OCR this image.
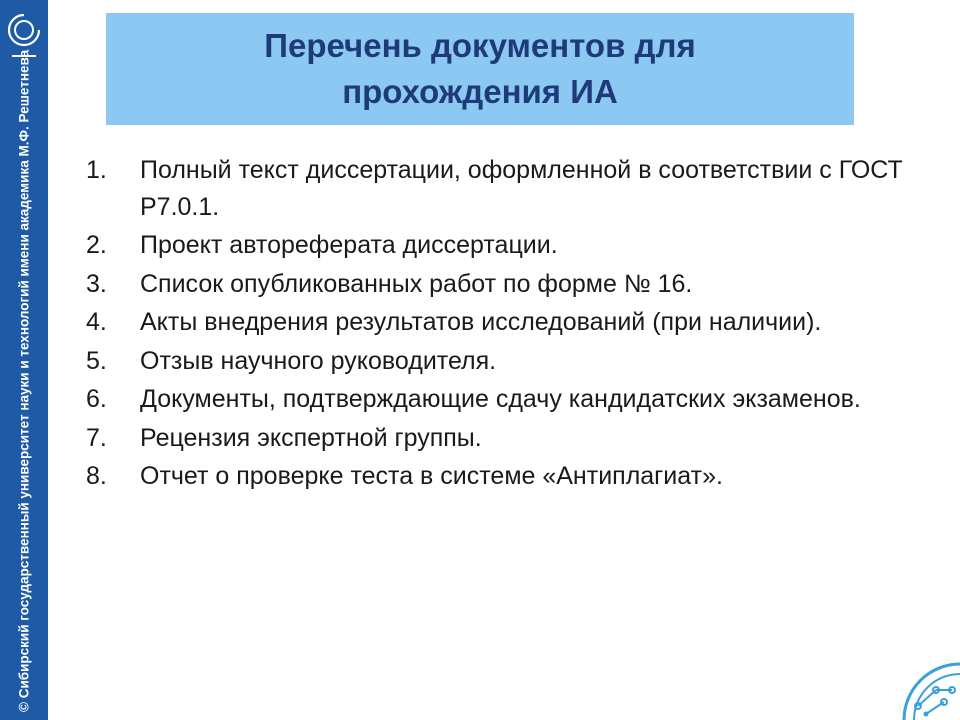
© Сибирский государственный университет науки и технологий имени академика М.Ф. Решетнева
Перечень документов для прохождения ИА
1.	Полный текст диссертации, оформленной в соответствии с ГОСТ Р7.0.1.
2.	Проект автореферата диссертации.
3.	Список опубликованных работ по форме № 16.
4.	Акты внедрения результатов исследований (при наличии).
5.	Отзыв научного руководителя.
6.	Документы, подтверждающие сдачу кандидатских экзаменов.
7.	Рецензия экспертной группы.
8.	Отчет о проверке теста в системе «Антиплагиат».
